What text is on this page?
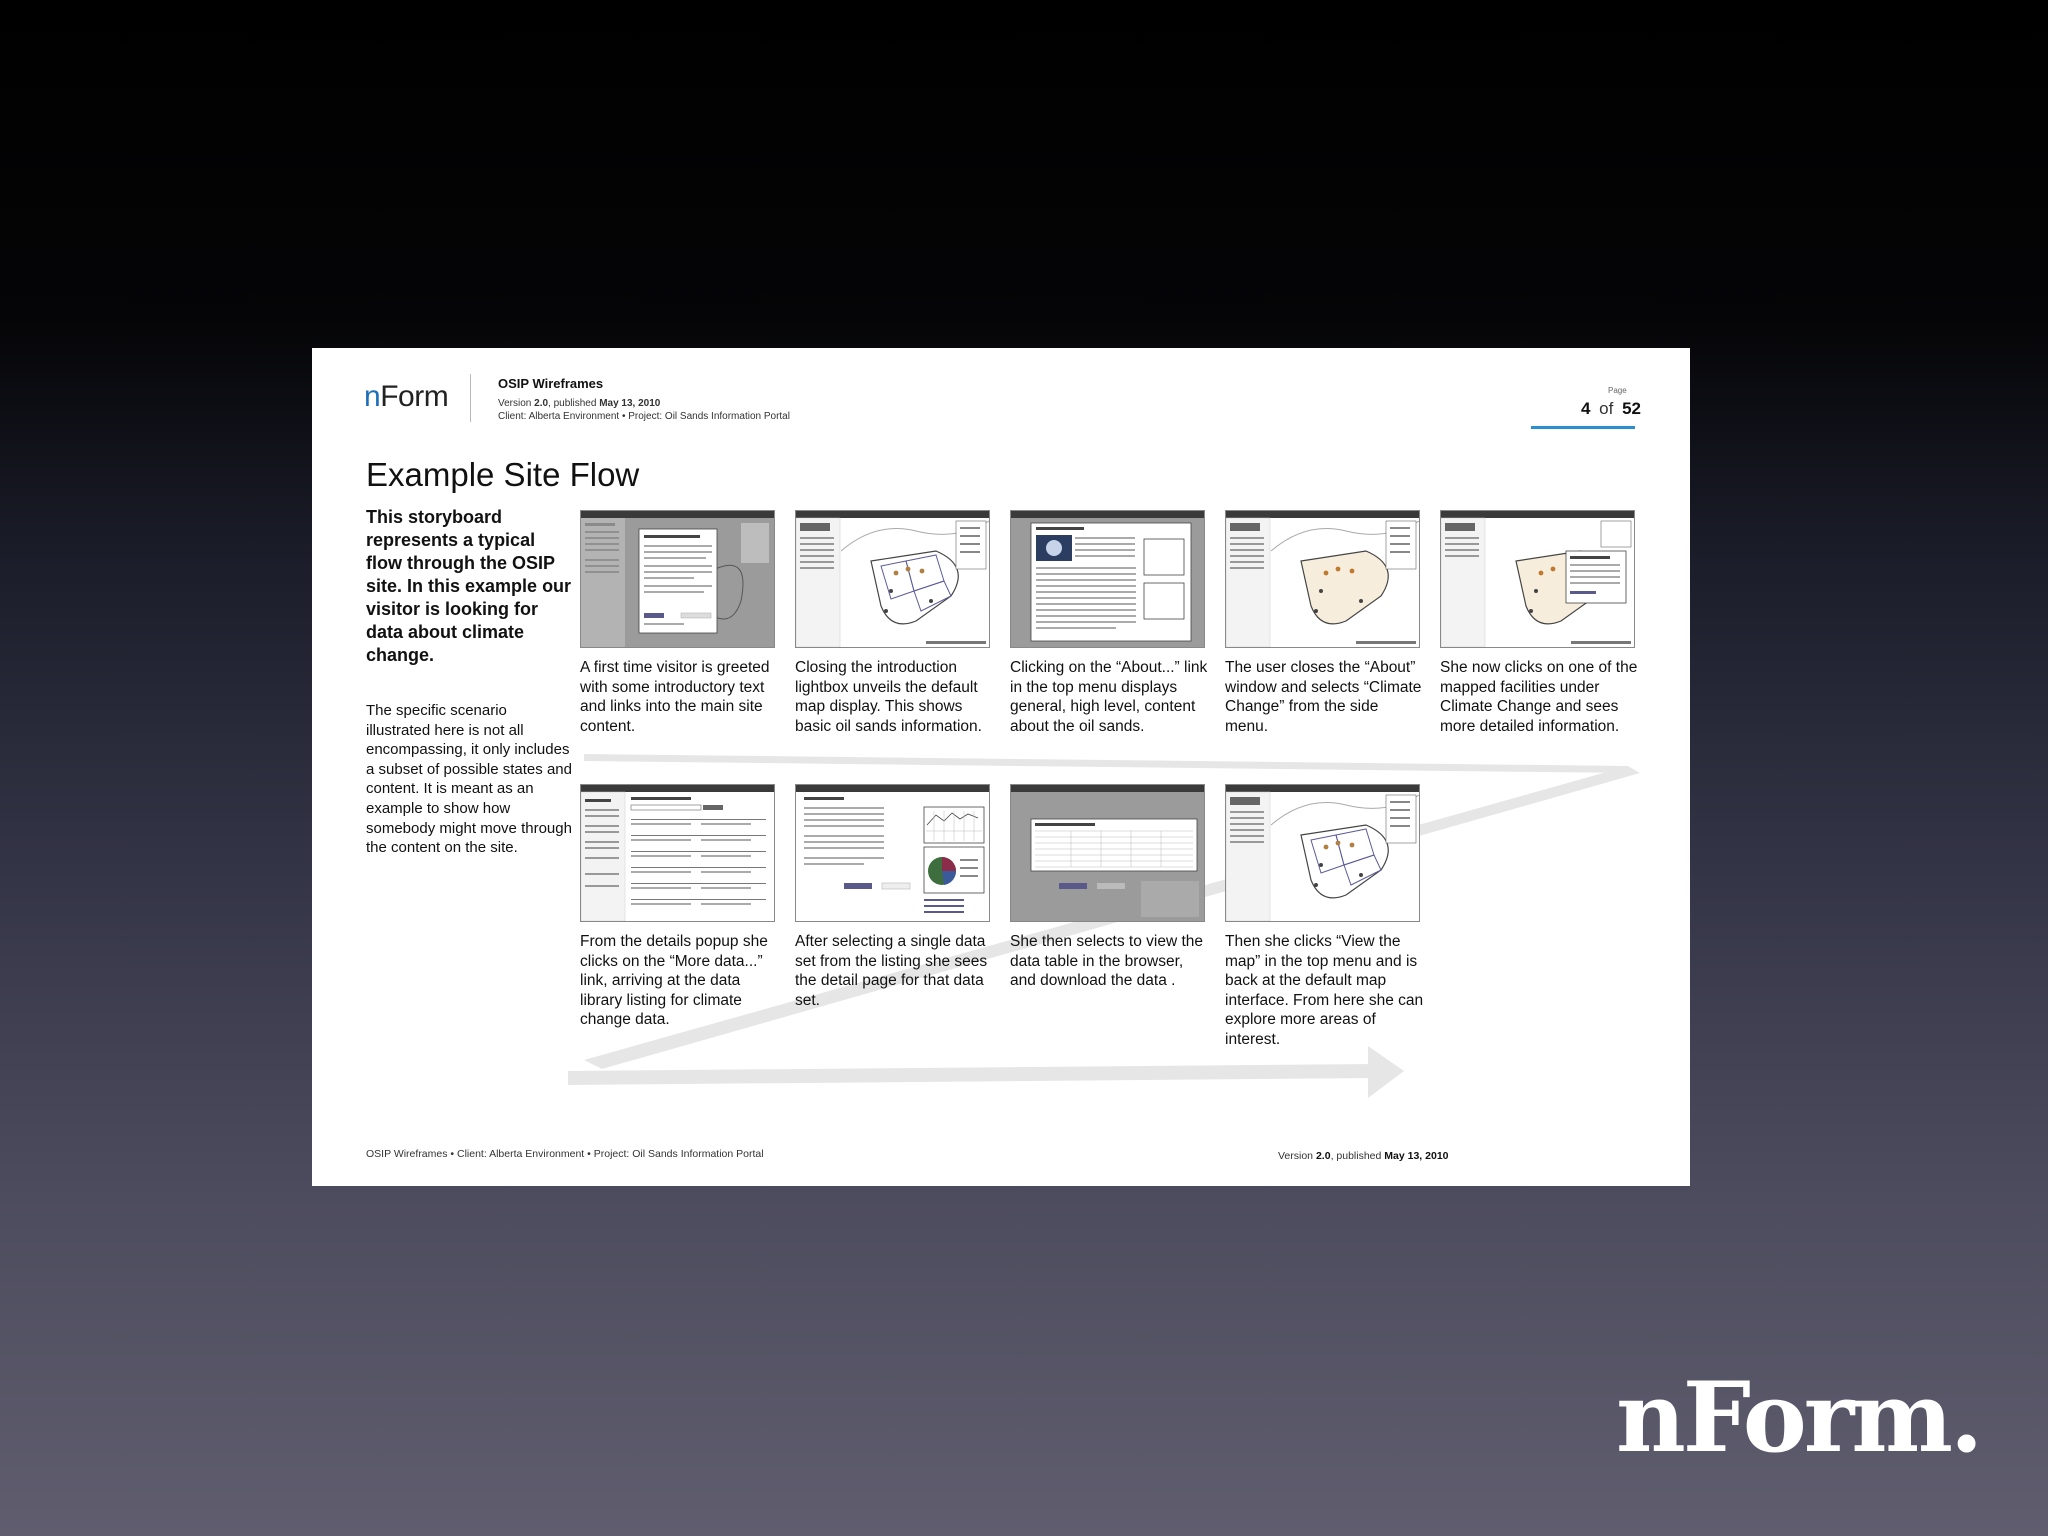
nForm	OSIP Wireframes
Version 2.0, published May 13, 2010
Client: Alberta Environment • Project: Oil Sands Information Portal
Page
4 of 52
Example Site Flow
This storyboard represents a typical flow through the OSIP site. In this example our visitor is looking for data about climate change.
The specific scenario illustrated here is not all encompassing, it only includes a subset of possible states and content. It is meant as an example to show how somebody might move through the content on the site.
A first time visitor is greeted with some introductory text and links into the main site content.
Closing the introduction lightbox unveils the default map display. This shows basic oil sands information.
Clicking on the “About...” link in the top menu displays general, high level, content about the oil sands.
The user closes the “About” window and selects “Climate Change” from the side menu.
She now clicks on one of the mapped facilities under Climate Change and sees more detailed information.
From the details popup she clicks on the “More data...” link, arriving at the data library listing for climate change data.
After selecting a single data set from the listing she sees the detail page for that data set.
She then selects to view the data table in the browser, and download the data .
Then she clicks “View the map” in the top menu and is back at the default map interface. From here she can explore more areas of interest.
OSIP Wireframes • Client: Alberta Environment • Project: Oil Sands Information Portal	Version 2.0, published May 13, 2010
nForm.
